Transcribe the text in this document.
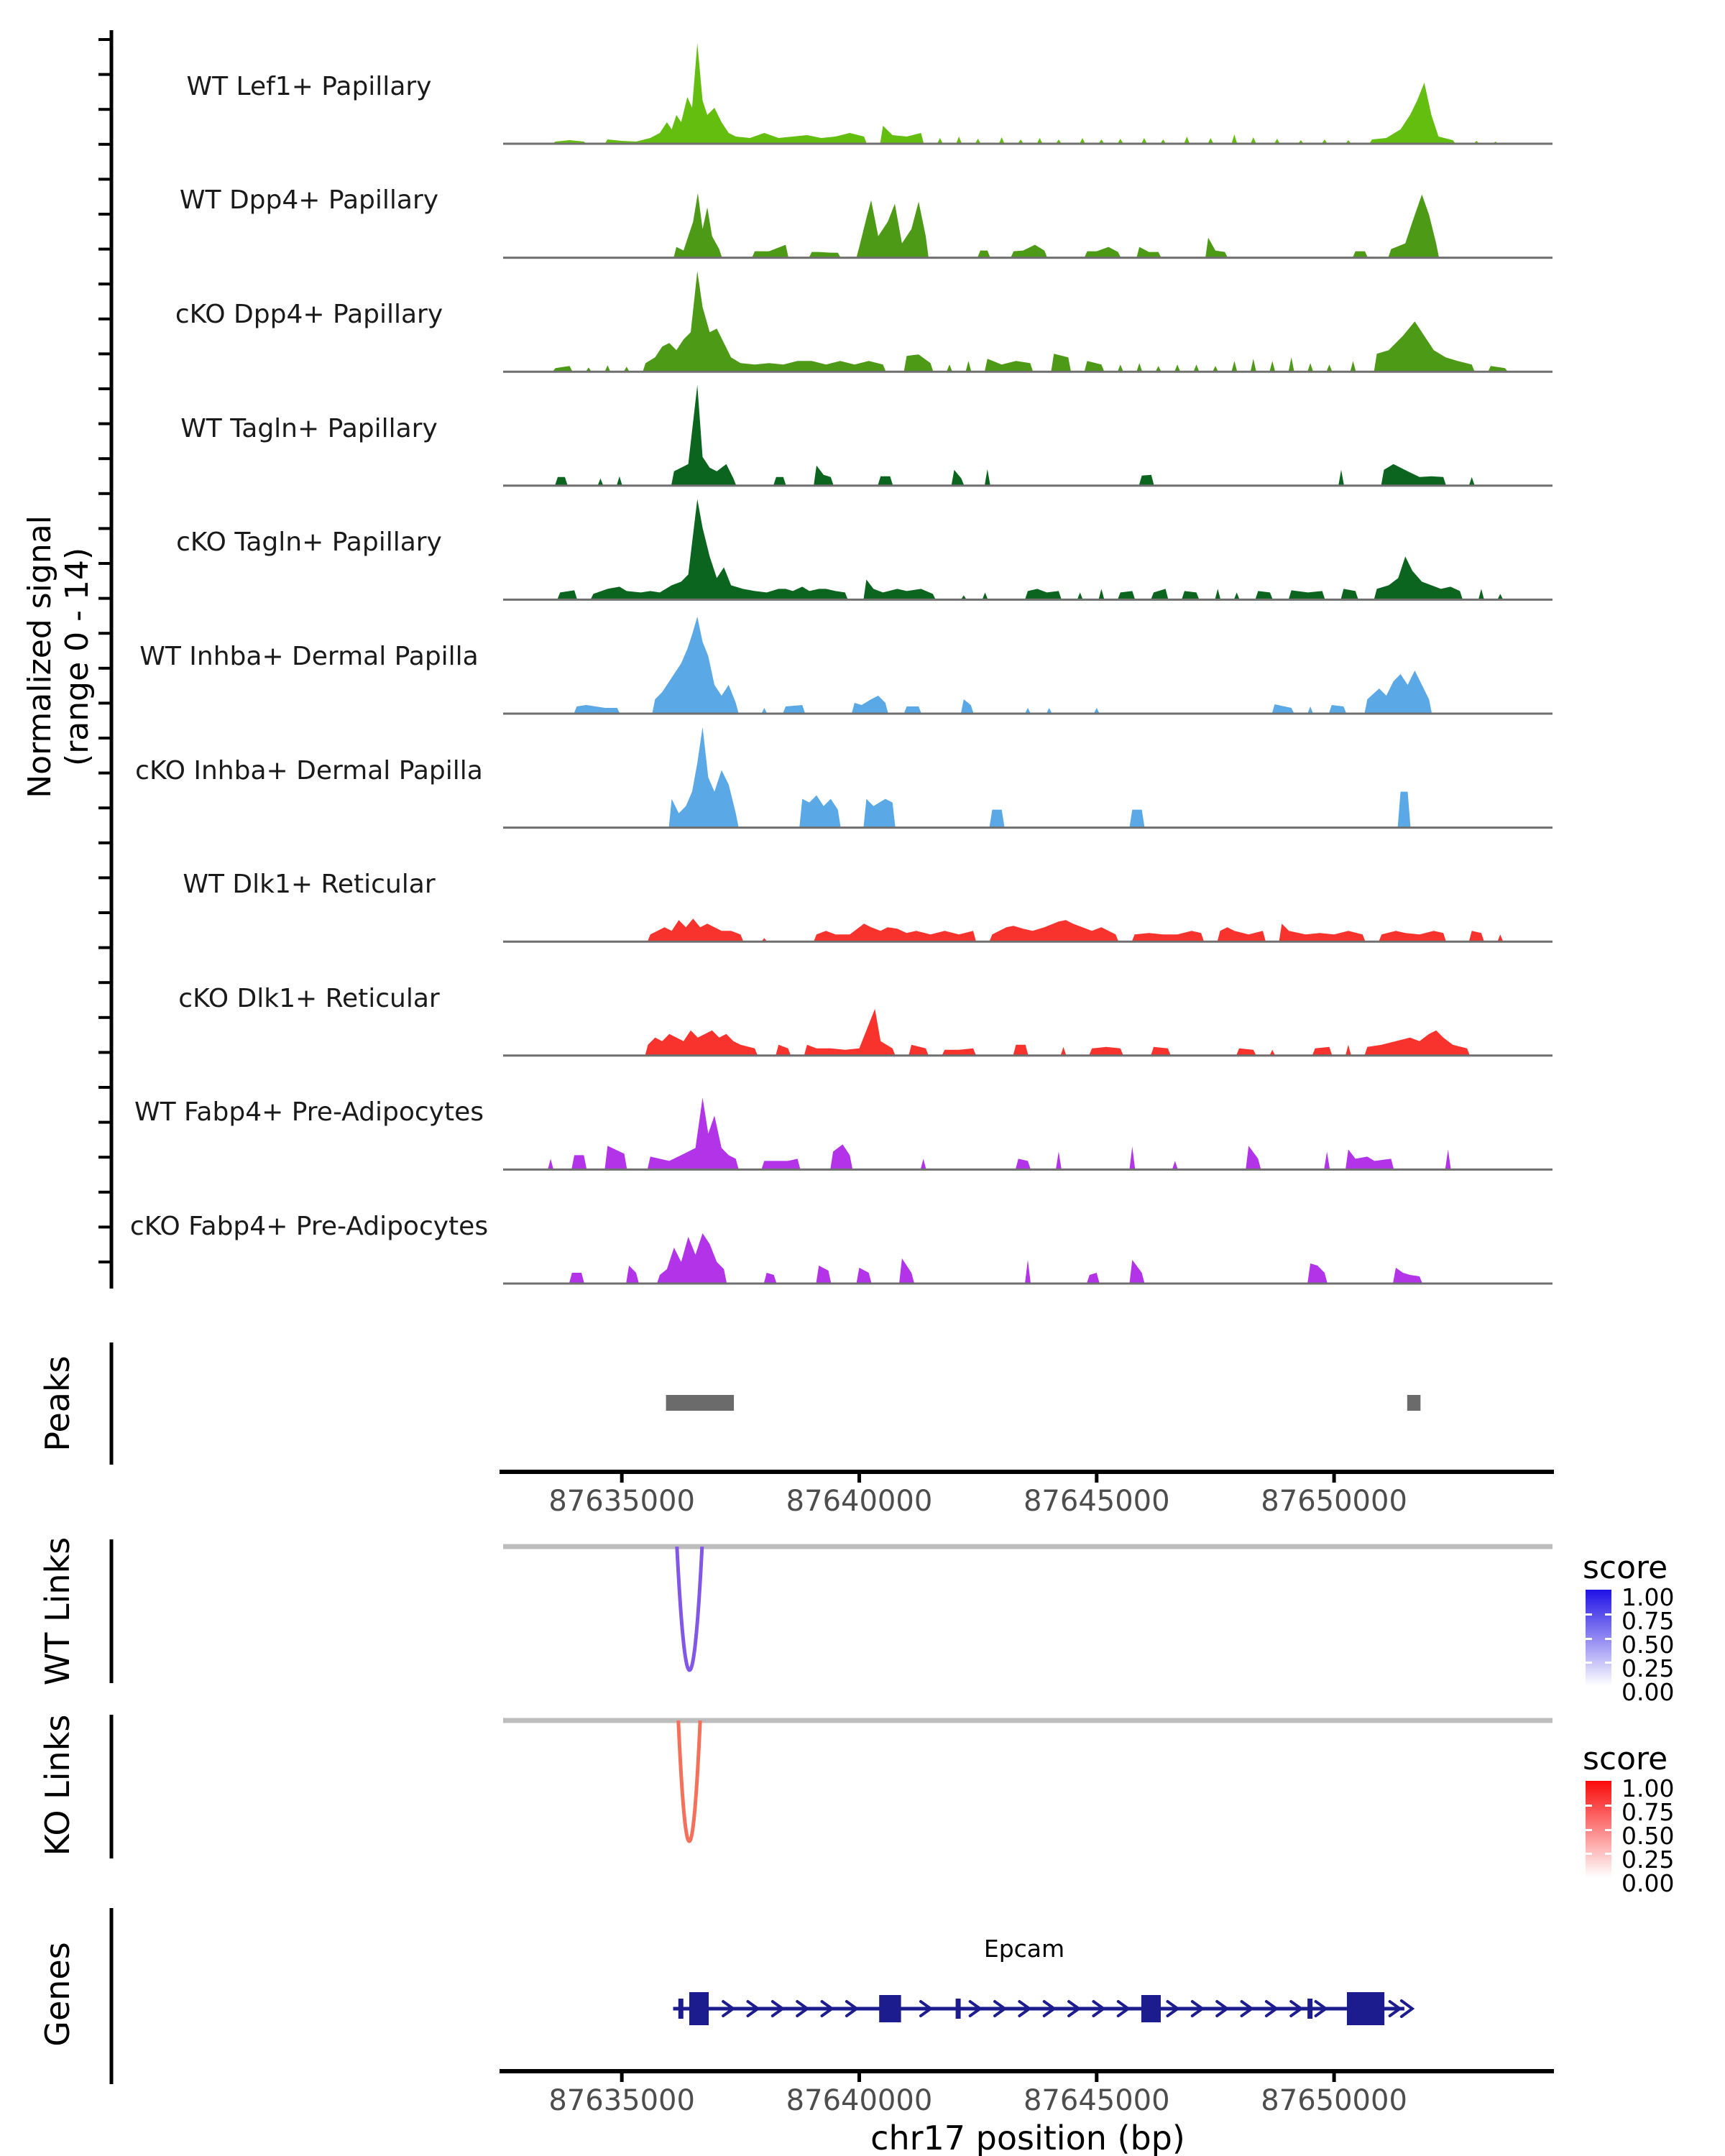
87635000	87640000	87645000	87650000
87635000	87640000	87645000	87650000
Normalized signal (range 0 - 14)
WT Lef1+ Papillary
WT Dpp4+ Papillary
cKO Dpp4+ Papillary
WT Tagln+ Papillary
cKO Tagln+ Papillary
WT Inhba+ Dermal Papilla
cKO Inhba+ Dermal Papilla
WT Dlk1+ Reticular
cKO Dlk1+ Reticular
WT Fabp4+ Pre-Adipocytes
cKO Fabp4+ Pre-Adipocytes
Peaks
WT Links
KO Links
Genes
score
1.00
0.75
0.50
0.25
0.00
score
1.00
0.75
0.50
0.25
0.00
Epcam
chr17 position (bp)
